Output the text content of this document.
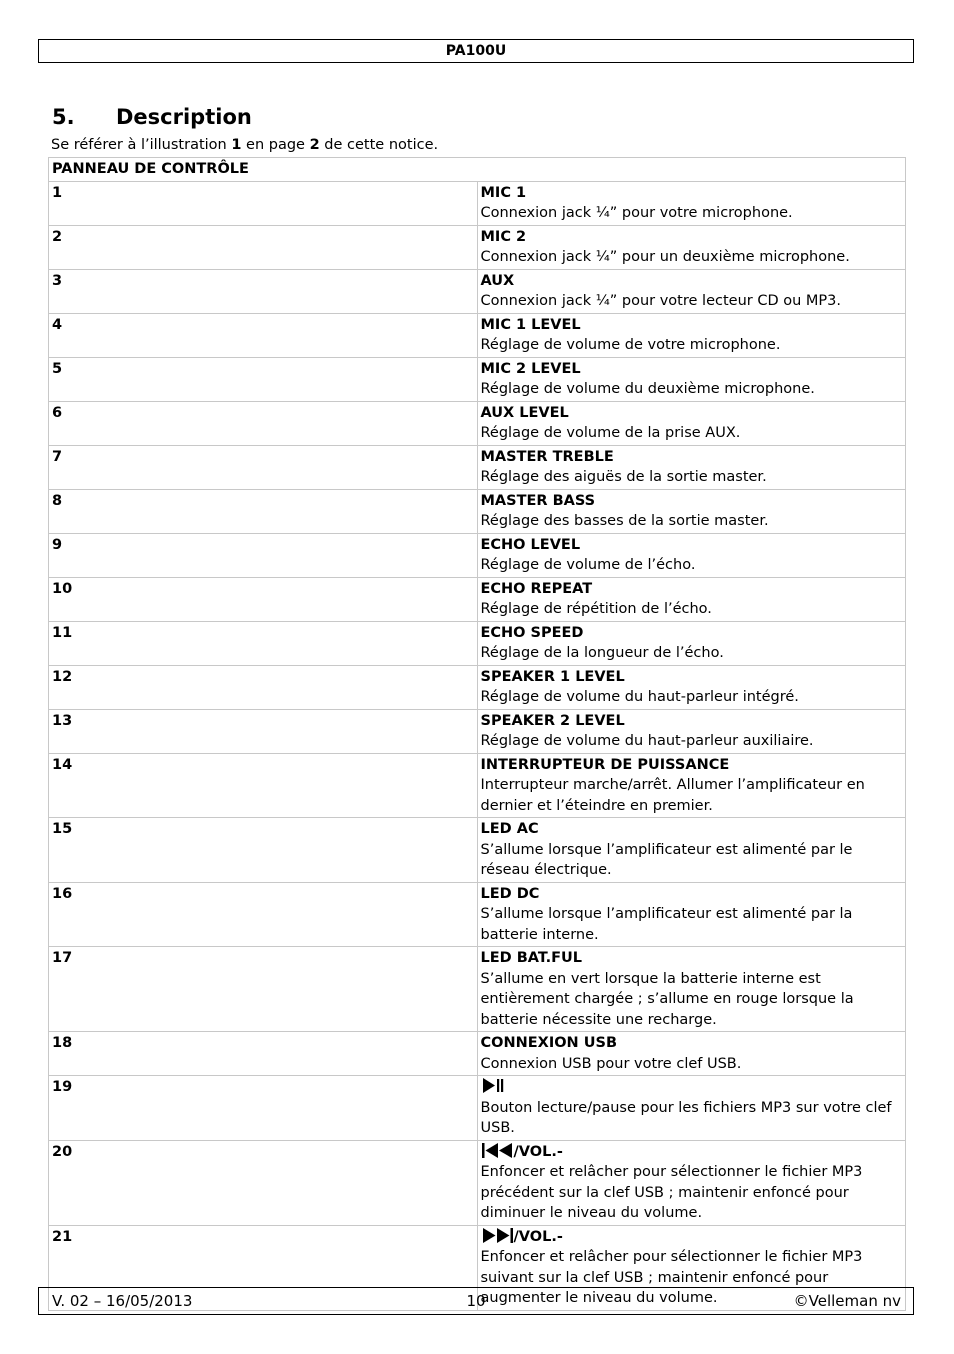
PA100U
5. Description
Se référer à l’illustration 1 en page 2 de cette notice.
PANNEAU DE CONTRÔLE	
1	MIC 1
Connexion jack ¼” pour votre microphone.

2	MIC 2
Connexion jack ¼” pour un deuxième microphone.

3	AUX
Connexion jack ¼” pour votre lecteur CD ou MP3.

4	MIC 1 LEVEL
Réglage de volume de votre microphone.

5	MIC 2 LEVEL
Réglage de volume du deuxième microphone.

6	AUX LEVEL
Réglage de volume de la prise AUX.

7	MASTER TREBLE
Réglage des aiguës de la sortie master.

8	MASTER BASS
Réglage des basses de la sortie master.

9	ECHO LEVEL
Réglage de volume de l’écho.

10	ECHO REPEAT
Réglage de répétition de l’écho.

11	ECHO SPEED
Réglage de la longueur de l’écho.

12	SPEAKER 1 LEVEL
Réglage de volume du haut-parleur intégré.

13	SPEAKER 2 LEVEL
Réglage de volume du haut-parleur auxiliaire.

14	INTERRUPTEUR DE PUISSANCE
Interrupteur marche/arrêt. Allumer l’amplificateur en dernier et l’éteindre en premier.

15	LED AC
S’allume lorsque l’amplificateur est alimenté par le réseau électrique.

16	LED DC
S’allume lorsque l’amplificateur est alimenté par la batterie interne.

17	LED BAT.FUL
S’allume en vert lorsque la batterie interne est entièrement chargée ; s’allume en rouge lorsque la batterie nécessite une recharge.

18	CONNEXION USB
Connexion USB pour votre clef USB.

19	Bouton lecture/pause pour les fichiers MP3 sur votre clef USB.

20	/VOL.-
Enfoncer et relâcher pour sélectionner le fichier MP3 précédent sur la clef USB ; maintenir enfoncé pour diminuer le niveau du volume.

21	/VOL.-
Enfoncer et relâcher pour sélectionner le fichier MP3 suivant sur la clef USB ; maintenir enfoncé pour augmenter le niveau du volume.
V. 02 – 16/05/2013	10	©Velleman nv
